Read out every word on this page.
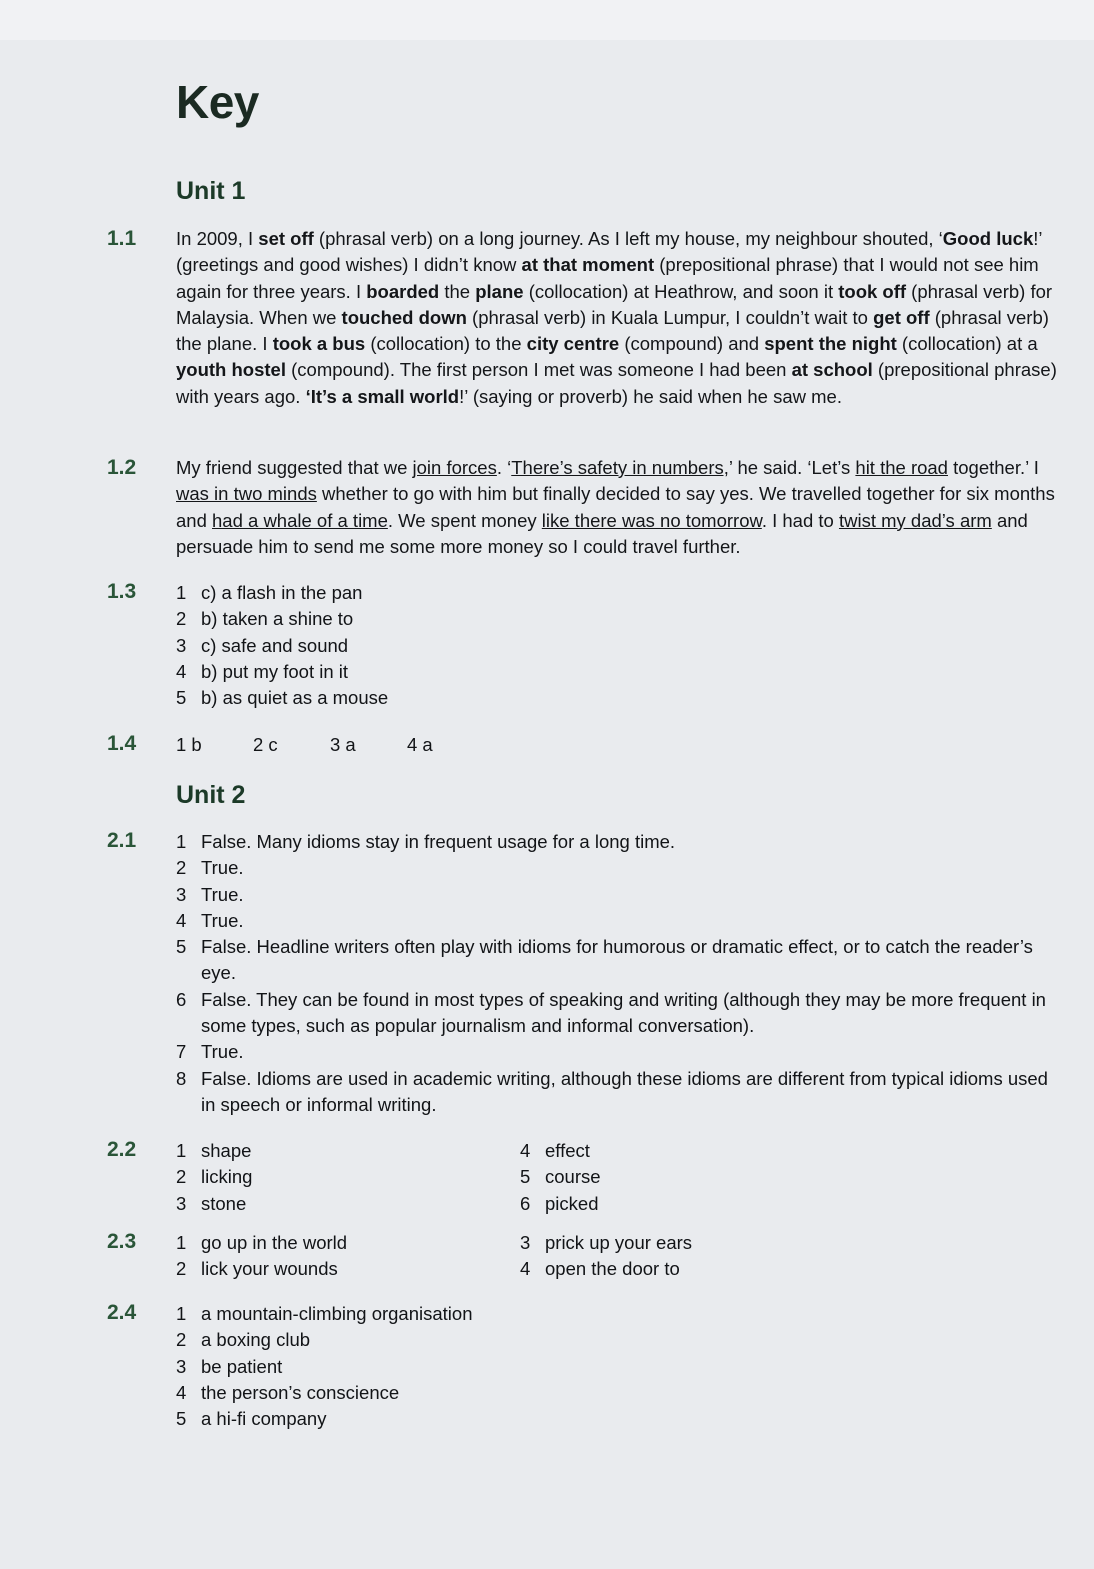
Key
Unit 1
1.1 In 2009, I set off (phrasal verb) on a long journey. As I left my house, my neighbour shouted, ‘Good luck!’ (greetings and good wishes) I didn’t know at that moment (prepositional phrase) that I would not see him again for three years. I boarded the plane (collocation) at Heathrow, and soon it took off (phrasal verb) for Malaysia. When we touched down (phrasal verb) in Kuala Lumpur, I couldn’t wait to get off (phrasal verb) the plane. I took a bus (collocation) to the city centre (compound) and spent the night (collocation) at a youth hostel (compound). The first person I met was someone I had been at school (prepositional phrase) with years ago. ‘It’s a small world!’ (saying or proverb) he said when he saw me.

1.2 My friend suggested that we join forces. ‘There’s safety in numbers,’ he said. ‘Let’s hit the road together.’ I was in two minds whether to go with him but finally decided to say yes. We travelled together for six months and had a whale of a time. We spent money like there was no tomorrow. I had to twist my dad’s arm and persuade him to send me some more money so I could travel further.

1.3 1 c) a flash in the pan
2 b) taken a shine to
3 c) safe and sound
4 b) put my foot in it
5 b) as quiet as a mouse
1.4 1 b	2 c	3 a	4 a
Unit 2
2.1 1 False. Many idioms stay in frequent usage for a long time.
2 True.
3 True.
4 True.
5 False. Headline writers often play with idioms for humorous or dramatic effect, or to catch the reader’s eye.
6 False. They can be found in most types of speaking and writing (although they may be more frequent in some types, such as popular journalism and informal conversation).
7 True.
8 False. Idioms are used in academic writing, although these idioms are different from typical idioms used in speech or informal writing.
2.2 1 shape
2 licking
3 stone
4 effect
5 course
6 picked
2.3 1 go up in the world
2 lick your wounds
3 prick up your ears
4 open the door to
2.4 1 a mountain-climbing organisation
2 a boxing club
3 be patient
4 the person’s conscience
5 a hi-fi company
